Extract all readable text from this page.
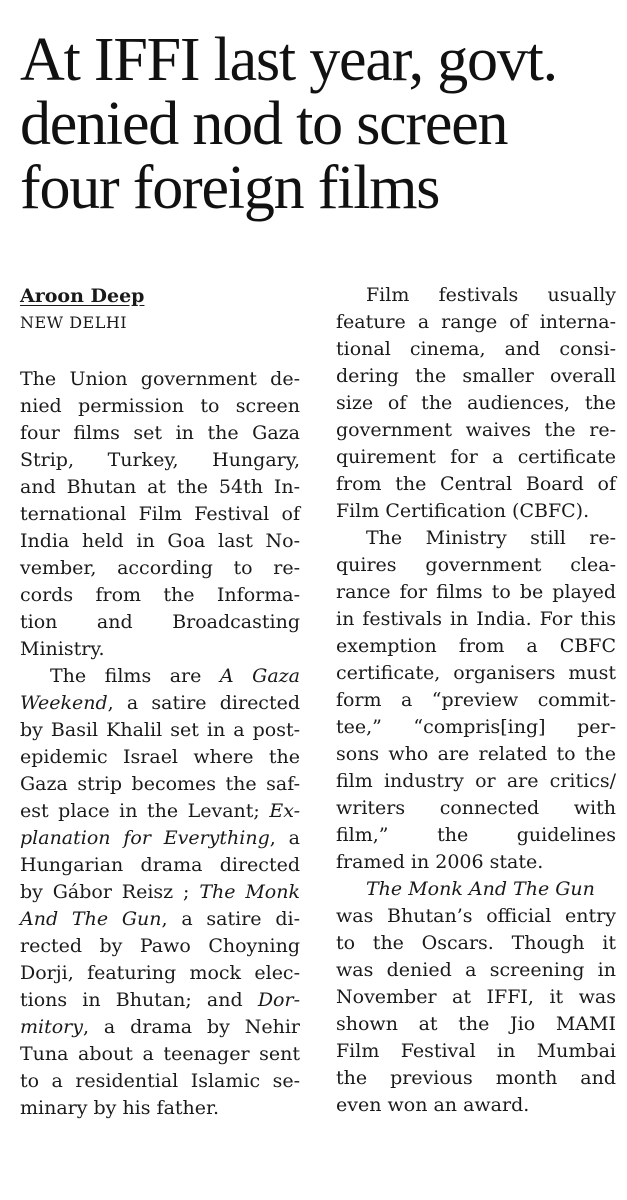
At IFFI last year, govt.
denied nod to screen
four foreign films
Aroon Deep
NEW DELHI
The Union government de-
nied permission to screen
four films set in the Gaza
Strip, Turkey, Hungary,
and Bhutan at the 54th In-
ternational Film Festival of
India held in Goa last No-
vember, according to re-
cords from the Informa-
tion and Broadcasting
Ministry.
The films are A Gaza
Weekend, a satire directed
by Basil Khalil set in a post-
epidemic Israel where the
Gaza strip becomes the saf-
est place in the Levant; Ex-
planation for Everything, a
Hungarian drama directed
by Gábor Reisz ; The Monk
And The Gun, a satire di-
rected by Pawo Choyning
Dorji, featuring mock elec-
tions in Bhutan; and Dor-
mitory, a drama by Nehir
Tuna about a teenager sent
to a residential Islamic se-
minary by his father.
Film festivals usually
feature a range of interna-
tional cinema, and consi-
dering the smaller overall
size of the audiences, the
government waives the re-
quirement for a certificate
from the Central Board of
Film Certification (CBFC).
The Ministry still re-
quires government clea-
rance for films to be played
in festivals in India. For this
exemption from a CBFC
certificate, organisers must
form a “preview commit-
tee,” “compris[ing] per-
sons who are related to the
film industry or are critics/
writers connected with
film,” the guidelines
framed in 2006 state.
The Monk And The Gun
was Bhutan’s official entry
to the Oscars. Though it
was denied a screening in
November at IFFI, it was
shown at the Jio MAMI
Film Festival in Mumbai
the previous month and
even won an award.
